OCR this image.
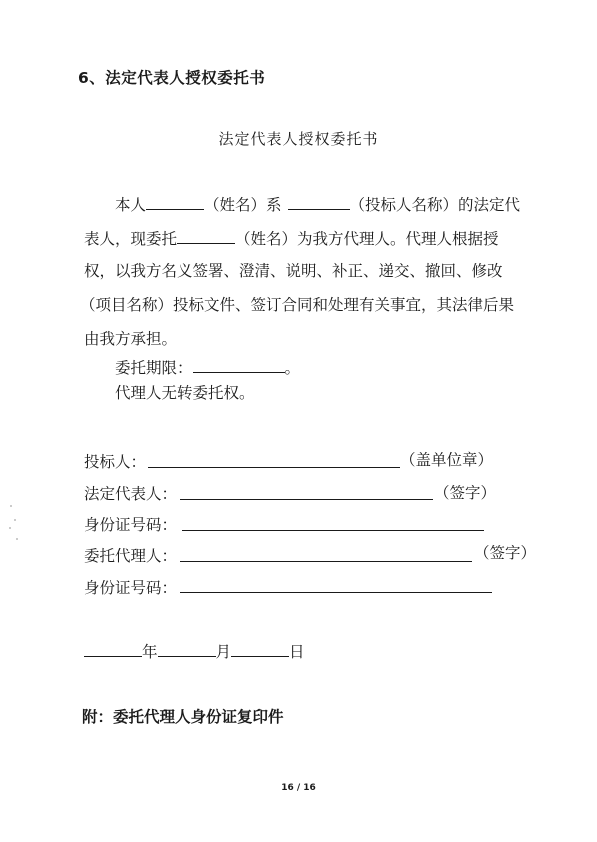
6、法定代表人授权委托书
法定代表人授权委托书
本人	（姓名）系	（投标人名称）的法定代
表人，现委托	（姓名）为我方代理人。代理人根据授
权，以我方名义签署、澄清、说明、补正、递交、撤回、修改
（项目名称）投标文件、签订合同和处理有关事宜，其法律后果
由我方承担。
委托期限：	。
代理人无转委托权。
投标人：	（盖单位章）
法定代表人：	（签字）
身份证号码：
委托代理人：	（签字）
身份证号码：
年	月	日
附：委托代理人身份证复印件
16 / 16
